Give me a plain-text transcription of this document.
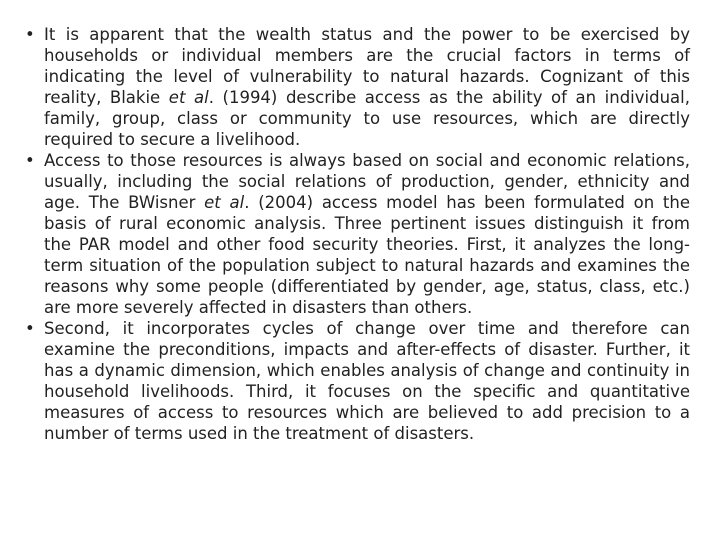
• It is apparent that the wealth status and the power to be exercised by households or individual members are the crucial factors in terms of indicating the level of vulnerability to natural hazards. Cognizant of this reality, Blakie et al. (1994) describe access as the ability of an individual, family, group, class or community to use resources, which are directly required to secure a livelihood.
• Access to those resources is always based on social and economic relations, usually, including the social relations of production, gender, ethnicity and age. The BWisner et al. (2004) access model has been formulated on the basis of rural economic analysis. Three pertinent issues distinguish it from the PAR model and other food security theories. First, it analyzes the long-term situation of the population subject to natural hazards and examines the reasons why some people (differentiated by gender, age, status, class, etc.) are more severely affected in disasters than others.
• Second, it incorporates cycles of change over time and therefore can examine the preconditions, impacts and after-effects of disaster. Further, it has a dynamic dimension, which enables analysis of change and continuity in household livelihoods. Third, it focuses on the specific and quantitative measures of access to resources which are believed to add precision to a number of terms used in the treatment of disasters.
